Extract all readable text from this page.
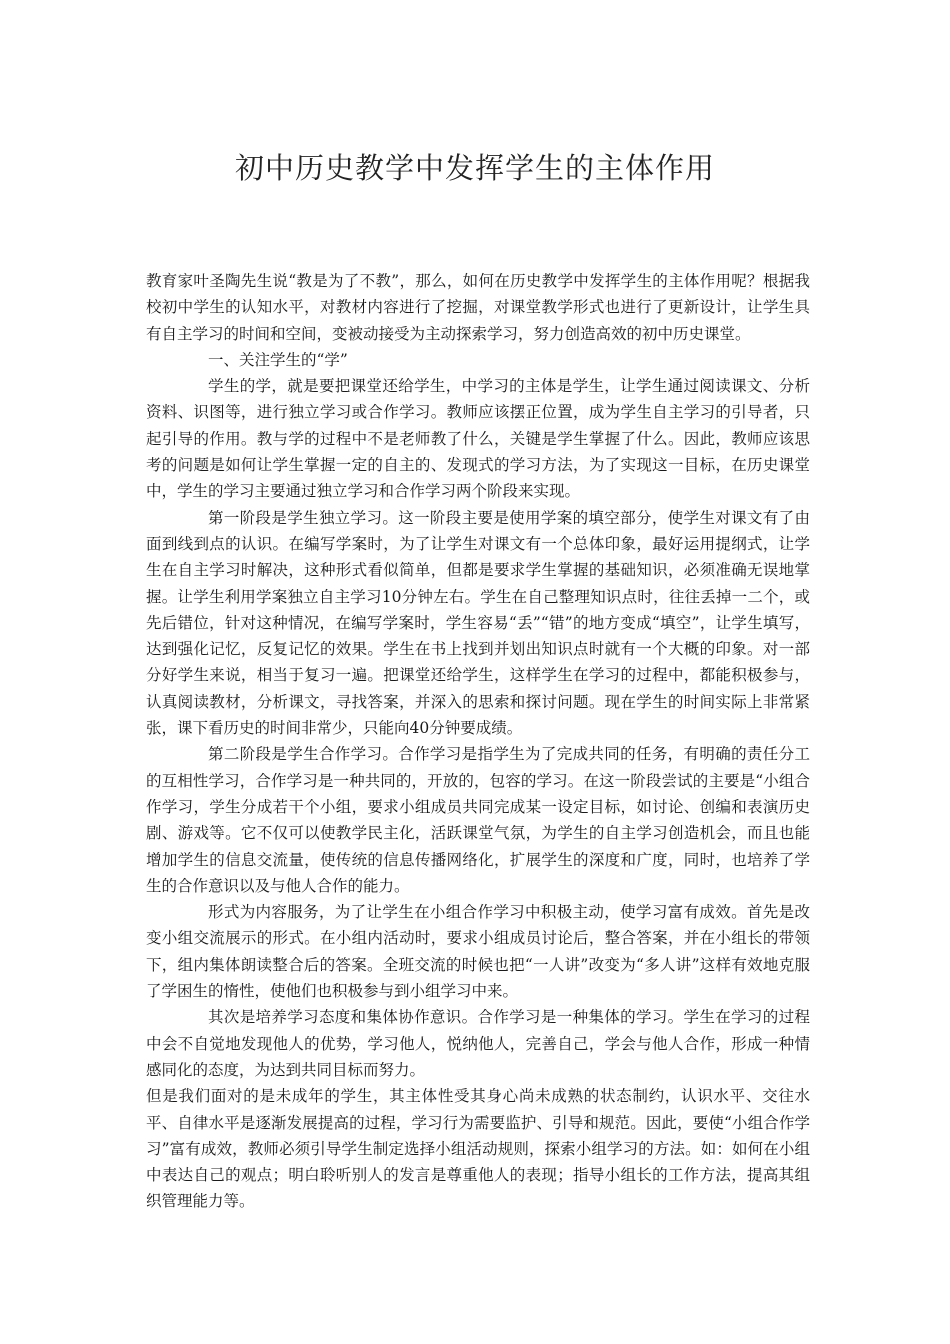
初中历史教学中发挥学生的主体作用

教育家叶圣陶先生说“教是为了不教”，那么，如何在历史教学中发挥学生的主体作用呢？根据我校初中学生的认知水平，对教材内容进行了挖掘，对课堂教学形式也进行了更新设计，让学生具有自主学习的时间和空间，变被动接受为主动探索学习，努力创造高效的初中历史课堂。

一、关注学生的“学”

学生的学，就是要把课堂还给学生，中学习的主体是学生，让学生通过阅读课文、分析资料、识图等，进行独立学习或合作学习。教师应该摆正位置，成为学生自主学习的引导者，只起引导的作用。教与学的过程中不是老师教了什么，关键是学生掌握了什么。因此，教师应该思考的问题是如何让学生掌握一定的自主的、发现式的学习方法，为了实现这一目标，在历史课堂中，学生的学习主要通过独立学习和合作学习两个阶段来实现。

第一阶段是学生独立学习。这一阶段主要是使用学案的填空部分，使学生对课文有了由面到线到点的认识。在编写学案时，为了让学生对课文有一个总体印象，最好运用提纲式，让学生在自主学习时解决，这种形式看似简单，但都是要求学生掌握的基础知识，必须准确无误地掌握。让学生利用学案独立自主学习10分钟左右。学生在自己整理知识点时，往往丢掉一二个，或先后错位，针对这种情况，在编写学案时，学生容易“丢”“错”的地方变成“填空”，让学生填写，达到强化记忆，反复记忆的效果。学生在书上找到并划出知识点时就有一个大概的印象。对一部分好学生来说，相当于复习一遍。把课堂还给学生，这样学生在学习的过程中，都能积极参与，认真阅读教材，分析课文，寻找答案，并深入的思索和探讨问题。现在学生的时间实际上非常紧张，课下看历史的时间非常少，只能向40分钟要成绩。

第二阶段是学生合作学习。合作学习是指学生为了完成共同的任务，有明确的责任分工的互相性学习，合作学习是一种共同的，开放的，包容的学习。在这一阶段尝试的主要是“小组合作学习，学生分成若干个小组，要求小组成员共同完成某一设定目标，如讨论、创编和表演历史剧、游戏等。它不仅可以使教学民主化，活跃课堂气氛，为学生的自主学习创造机会，而且也能增加学生的信息交流量，使传统的信息传播网络化，扩展学生的深度和广度，同时，也培养了学生的合作意识以及与他人合作的能力。

形式为内容服务，为了让学生在小组合作学习中积极主动，使学习富有成效。首先是改变小组交流展示的形式。在小组内活动时，要求小组成员讨论后，整合答案，并在小组长的带领下，组内集体朗读整合后的答案。全班交流的时候也把“一人讲”改变为“多人讲”这样有效地克服了学困生的惰性，使他们也积极参与到小组学习中来。

其次是培养学习态度和集体协作意识。合作学习是一种集体的学习。学生在学习的过程中会不自觉地发现他人的优势，学习他人，悦纳他人，完善自己，学会与他人合作，形成一种情感同化的态度，为达到共同目标而努力。

但是我们面对的是未成年的学生，其主体性受其身心尚未成熟的状态制约，认识水平、交往水平、自律水平是逐渐发展提高的过程，学习行为需要监护、引导和规范。因此，要使“小组合作学习”富有成效，教师必须引导学生制定选择小组活动规则，探索小组学习的方法。如：如何在小组中表达自己的观点；明白聆听别人的发言是尊重他人的表现；指导小组长的工作方法，提高其组织管理能力等。
